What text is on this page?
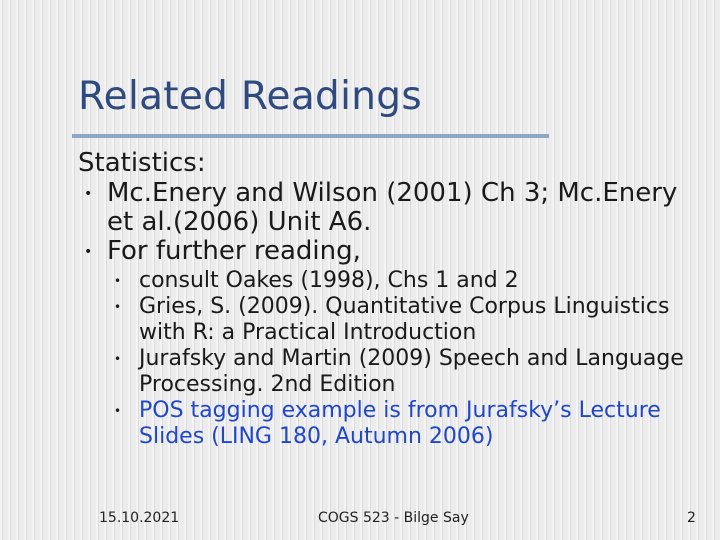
Related Readings
Statistics:
• Mc.Enery and Wilson (2001) Ch 3; Mc.Enery et al.(2006) Unit A6.
• For further reading,
• consult Oakes (1998), Chs 1 and 2
• Gries, S. (2009). Quantitative Corpus Linguistics with R: a Practical Introduction
• Jurafsky and Martin (2009) Speech and Language Processing. 2nd Edition
• POS tagging example is from Jurafsky’s Lecture Slides (LING 180, Autumn 2006)
15.10.2021	COGS 523 - Bilge Say	2
